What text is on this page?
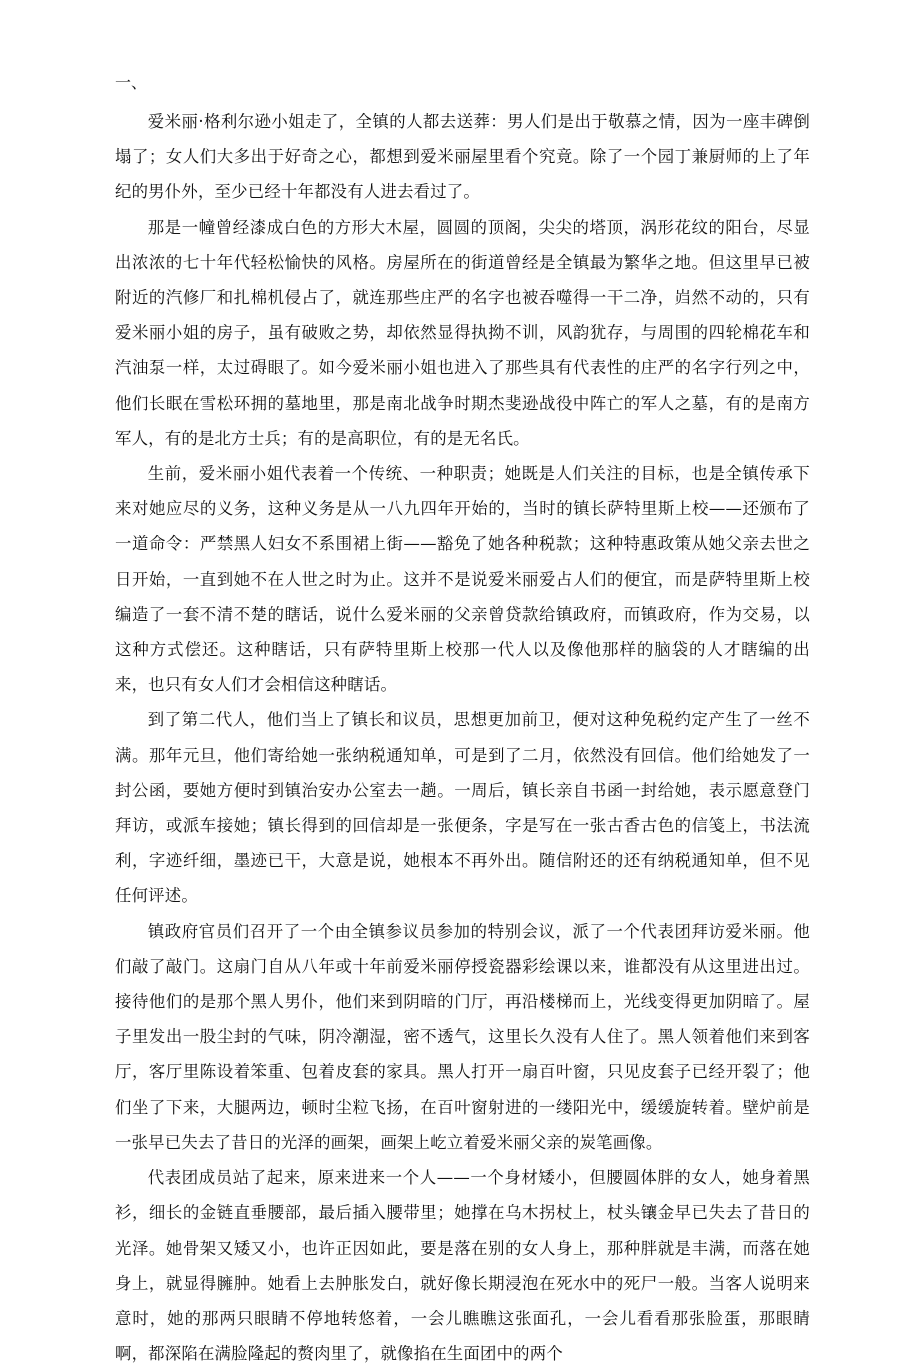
一、

爱米丽·格利尔逊小姐走了，全镇的人都去送葬：男人们是出于敬慕之情，因为一座丰碑倒塌了；女人们大多出于好奇之心，都想到爱米丽屋里看个究竟。除了一个园丁兼厨师的上了年纪的男仆外，至少已经十年都没有人进去看过了。

那是一幢曾经漆成白色的方形大木屋，圆圆的顶阁，尖尖的塔顶，涡形花纹的阳台，尽显出浓浓的七十年代轻松愉快的风格。房屋所在的街道曾经是全镇最为繁华之地。但这里早已被附近的汽修厂和扎棉机侵占了，就连那些庄严的名字也被吞噬得一干二净，岿然不动的，只有爱米丽小姐的房子，虽有破败之势，却依然显得执拗不训，风韵犹存，与周围的四轮棉花车和汽油泵一样，太过碍眼了。如今爱米丽小姐也进入了那些具有代表性的庄严的名字行列之中，他们长眠在雪松环拥的墓地里，那是南北战争时期杰斐逊战役中阵亡的军人之墓，有的是南方军人，有的是北方士兵；有的是高职位，有的是无名氏。

生前，爱米丽小姐代表着一个传统、一种职责；她既是人们关注的目标，也是全镇传承下来对她应尽的义务，这种义务是从一八九四年开始的，当时的镇长萨特里斯上校——还颁布了一道命令：严禁黑人妇女不系围裙上街——豁免了她各种税款；这种特惠政策从她父亲去世之日开始，一直到她不在人世之时为止。这并不是说爱米丽爱占人们的便宜，而是萨特里斯上校编造了一套不清不楚的瞎话，说什么爱米丽的父亲曾贷款给镇政府，而镇政府，作为交易，以这种方式偿还。这种瞎话，只有萨特里斯上校那一代人以及像他那样的脑袋的人才瞎编的出来，也只有女人们才会相信这种瞎话。

到了第二代人，他们当上了镇长和议员，思想更加前卫，便对这种免税约定产生了一丝不满。那年元旦，他们寄给她一张纳税通知单，可是到了二月，依然没有回信。他们给她发了一封公函，要她方便时到镇治安办公室去一趟。一周后，镇长亲自书函一封给她，表示愿意登门拜访，或派车接她；镇长得到的回信却是一张便条，字是写在一张古香古色的信笺上，书法流利，字迹纤细，墨迹已干，大意是说，她根本不再外出。随信附还的还有纳税通知单，但不见任何评述。

镇政府官员们召开了一个由全镇参议员参加的特别会议，派了一个代表团拜访爱米丽。他们敲了敲门。这扇门自从八年或十年前爱米丽停授瓷器彩绘课以来，谁都没有从这里进出过。接待他们的是那个黑人男仆，他们来到阴暗的门厅，再沿楼梯而上，光线变得更加阴暗了。屋子里发出一股尘封的气味，阴冷潮湿，密不透气，这里长久没有人住了。黑人领着他们来到客厅，客厅里陈设着笨重、包着皮套的家具。黑人打开一扇百叶窗，只见皮套子已经开裂了；他们坐了下来，大腿两边，顿时尘粒飞扬，在百叶窗射进的一缕阳光中，缓缓旋转着。壁炉前是一张早已失去了昔日的光泽的画架，画架上屹立着爱米丽父亲的炭笔画像。

代表团成员站了起来，原来进来一个人——一个身材矮小，但腰圆体胖的女人，她身着黑衫，细长的金链直垂腰部，最后插入腰带里；她撑在乌木拐杖上，杖头镶金早已失去了昔日的光泽。她骨架又矮又小，也许正因如此，要是落在别的女人身上，那种胖就是丰满，而落在她身上，就显得臃肿。她看上去肿胀发白，就好像长期浸泡在死水中的死尸一般。当客人说明来意时，她的那两只眼睛不停地转悠着，一会儿瞧瞧这张面孔，一会儿看看那张脸蛋，那眼睛啊，都深陷在满脸隆起的赘肉里了，就像掐在生面团中的两个
